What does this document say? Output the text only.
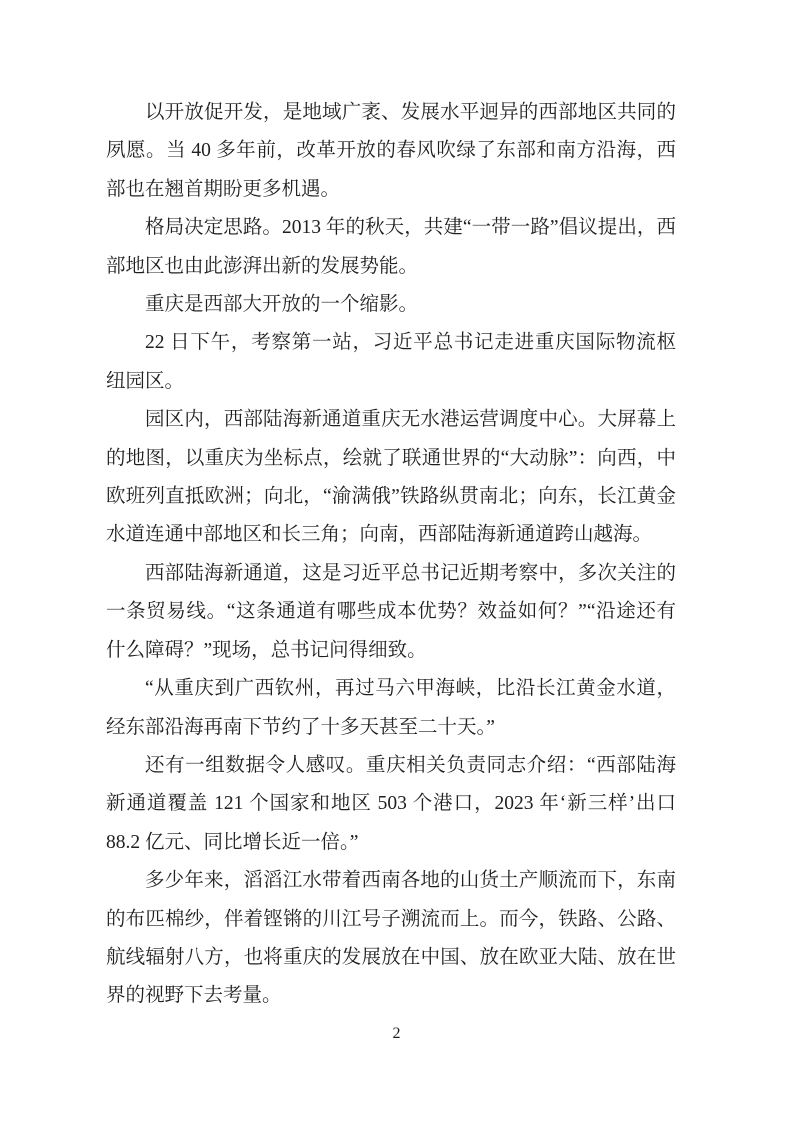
以开放促开发，是地域广袤、发展水平迥异的西部地区共同的夙愿。当 40 多年前，改革开放的春风吹绿了东部和南方沿海，西部也在翘首期盼更多机遇。

格局决定思路。2013 年的秋天，共建“一带一路”倡议提出，西部地区也由此澎湃出新的发展势能。

重庆是西部大开放的一个缩影。

22 日下午，考察第一站，习近平总书记走进重庆国际物流枢纽园区。

园区内，西部陆海新通道重庆无水港运营调度中心。大屏幕上的地图，以重庆为坐标点，绘就了联通世界的“大动脉”：向西，中欧班列直抵欧洲；向北，“渝满俄”铁路纵贯南北；向东，长江黄金水道连通中部地区和长三角；向南，西部陆海新通道跨山越海。

西部陆海新通道，这是习近平总书记近期考察中，多次关注的一条贸易线。“这条通道有哪些成本优势？效益如何？”“沿途还有什么障碍？”现场，总书记问得细致。

“从重庆到广西钦州，再过马六甲海峡，比沿长江黄金水道，经东部沿海再南下节约了十多天甚至二十天。”

还有一组数据令人感叹。重庆相关负责同志介绍：“西部陆海新通道覆盖 121 个国家和地区 503 个港口，2023 年‘新三样’出口 88.2 亿元、同比增长近一倍。”

多少年来，滔滔江水带着西南各地的山货土产顺流而下，东南的布匹棉纱，伴着铿锵的川江号子溯流而上。而今，铁路、公路、航线辐射八方，也将重庆的发展放在中国、放在欧亚大陆、放在世界的视野下去考量。

2
